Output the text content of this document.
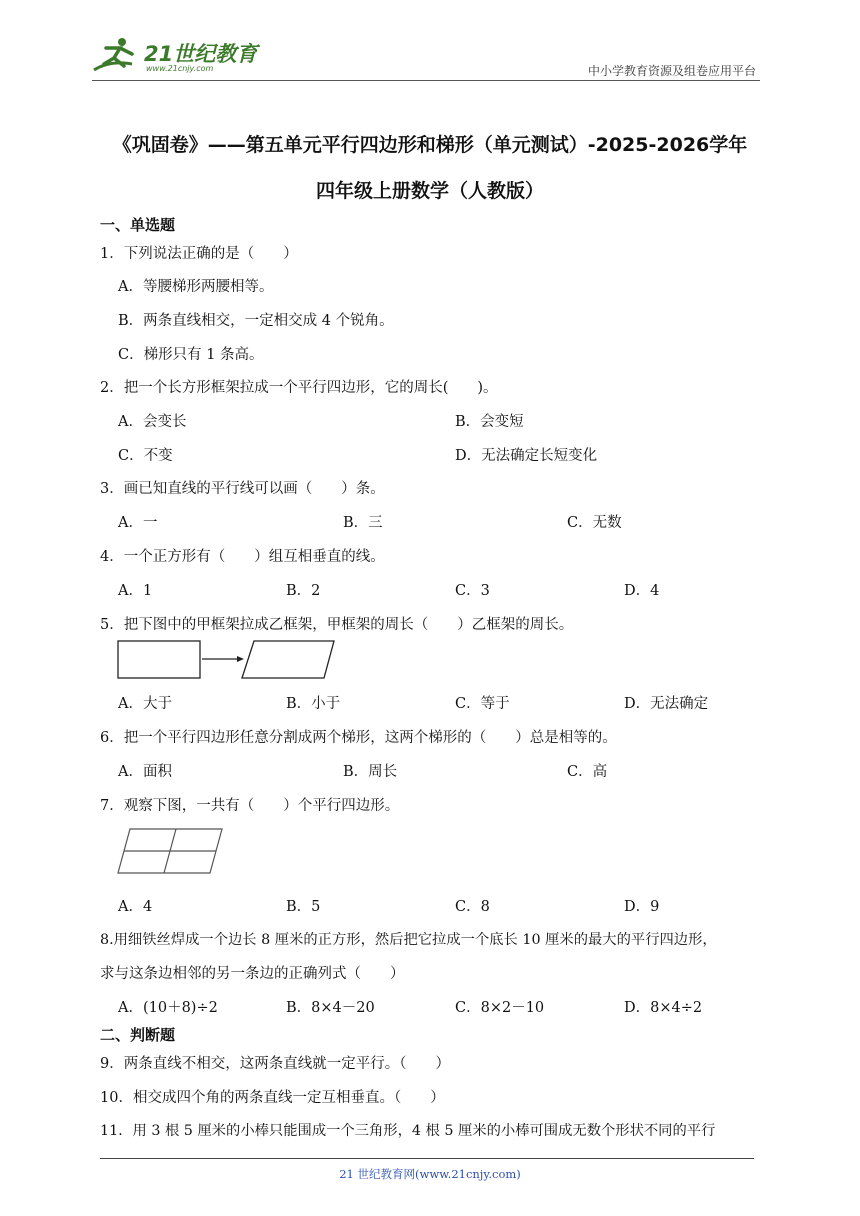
21世纪教育
www.21cnjy.com	中小学教育资源及组卷应用平台
《巩固卷》——第五单元平行四边形和梯形（单元测试）-2025-2026学年
四年级上册数学（人教版）
一、单选题
1．下列说法正确的是（　　）
A．等腰梯形两腰相等。
B．两条直线相交，一定相交成 4 个锐角。
C．梯形只有 1 条高。
2．把一个长方形框架拉成一个平行四边形，它的周长(　　)。
A．会变长	B．会变短
C．不变	D．无法确定长短变化
3．画已知直线的平行线可以画（　　）条。
A．一	B．三	C．无数
4．一个正方形有（　　）组互相垂直的线。
A．1	B．2	C．3	D．4
5．把下图中的甲框架拉成乙框架，甲框架的周长（　　）乙框架的周长。
A．大于	B．小于	C．等于	D．无法确定
6．把一个平行四边形任意分割成两个梯形，这两个梯形的（　　）总是相等的。
A．面积	B．周长	C．高
7．观察下图，一共有（　　）个平行四边形。
A．4	B．5	C．8	D．9
8.用细铁丝焊成一个边长 8 厘米的正方形，然后把它拉成一个底长 10 厘米的最大的平行四边形，
求与这条边相邻的另一条边的正确列式（　　）
A．(10＋8)÷2	B．8×4－20	C．8×2－10	D．8×4÷2
二、判断题
9．两条直线不相交，这两条直线就一定平行。（　　）
10．相交成四个角的两条直线一定互相垂直。（　　）
11．用 3 根 5 厘米的小棒只能围成一个三角形，4 根 5 厘米的小棒可围成无数个形状不同的平行
21 世纪教育网(www.21cnjy.com)
